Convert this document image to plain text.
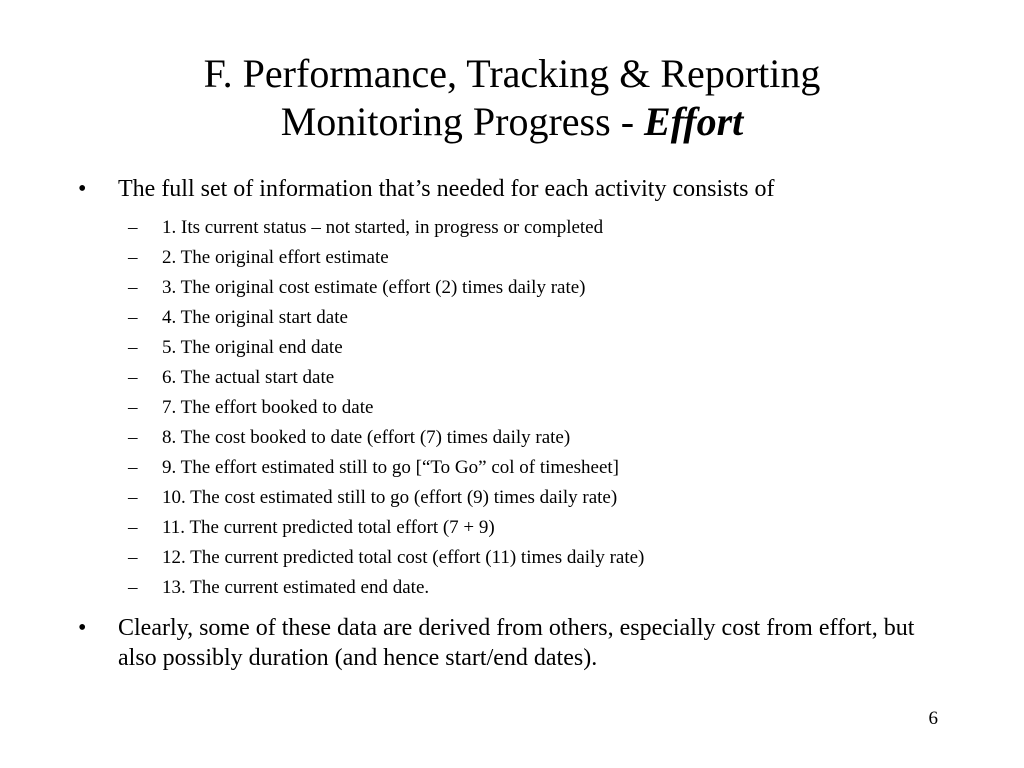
F. Performance, Tracking & Reporting
Monitoring Progress - Effort
• The full set of information that’s needed for each activity consists of
– 1. Its current status – not started, in progress or completed
– 2. The original effort estimate
– 3. The original cost estimate (effort (2) times daily rate)
– 4. The original start date
– 5. The original end date
– 6. The actual start date
– 7. The effort booked to date
– 8. The cost booked to date (effort (7) times daily rate)
– 9. The effort estimated still to go [“To Go” col of timesheet]
– 10. The cost estimated still to go (effort (9) times daily rate)
– 11. The current predicted total effort (7 + 9)
– 12. The current predicted total cost (effort (11) times daily rate)
– 13. The current estimated end date.
• Clearly, some of these data are derived from others, especially cost from effort, but also possibly duration (and hence start/end dates).
6
